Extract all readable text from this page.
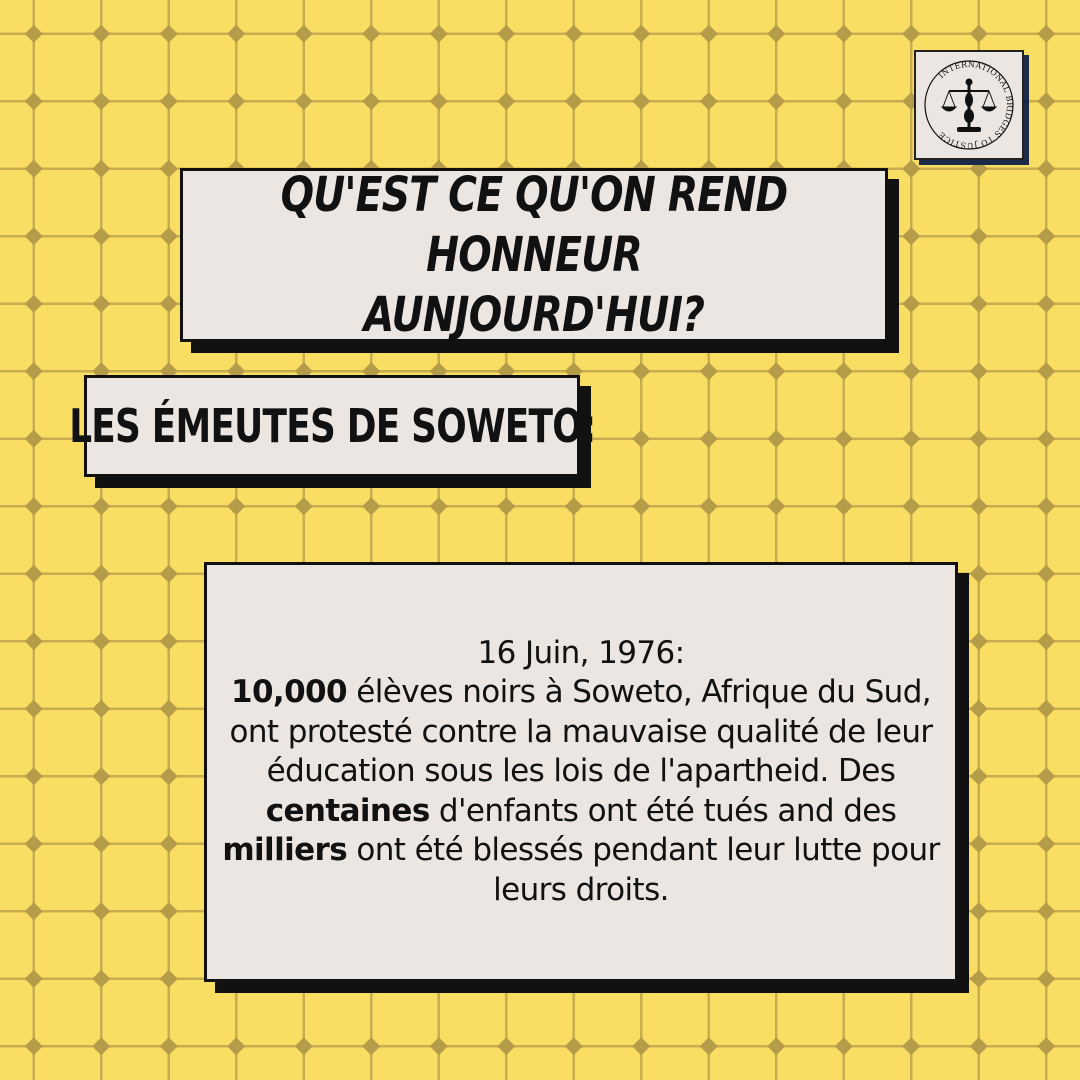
INTERNATIONAL BRIDGES TO JUSTICE
QU'EST CE QU'ON REND HONNEUR
AUNJOURD'HUI?
LES ÉMEUTES DE SOWETO:

16 Juin, 1976:
10,000 élèves noirs à Soweto, Afrique du Sud, ont protesté contre la mauvaise qualité de leur éducation sous les lois de l'apartheid. Des centaines d'enfants ont été tués and des milliers ont été blessés pendant leur lutte pour leurs droits.
